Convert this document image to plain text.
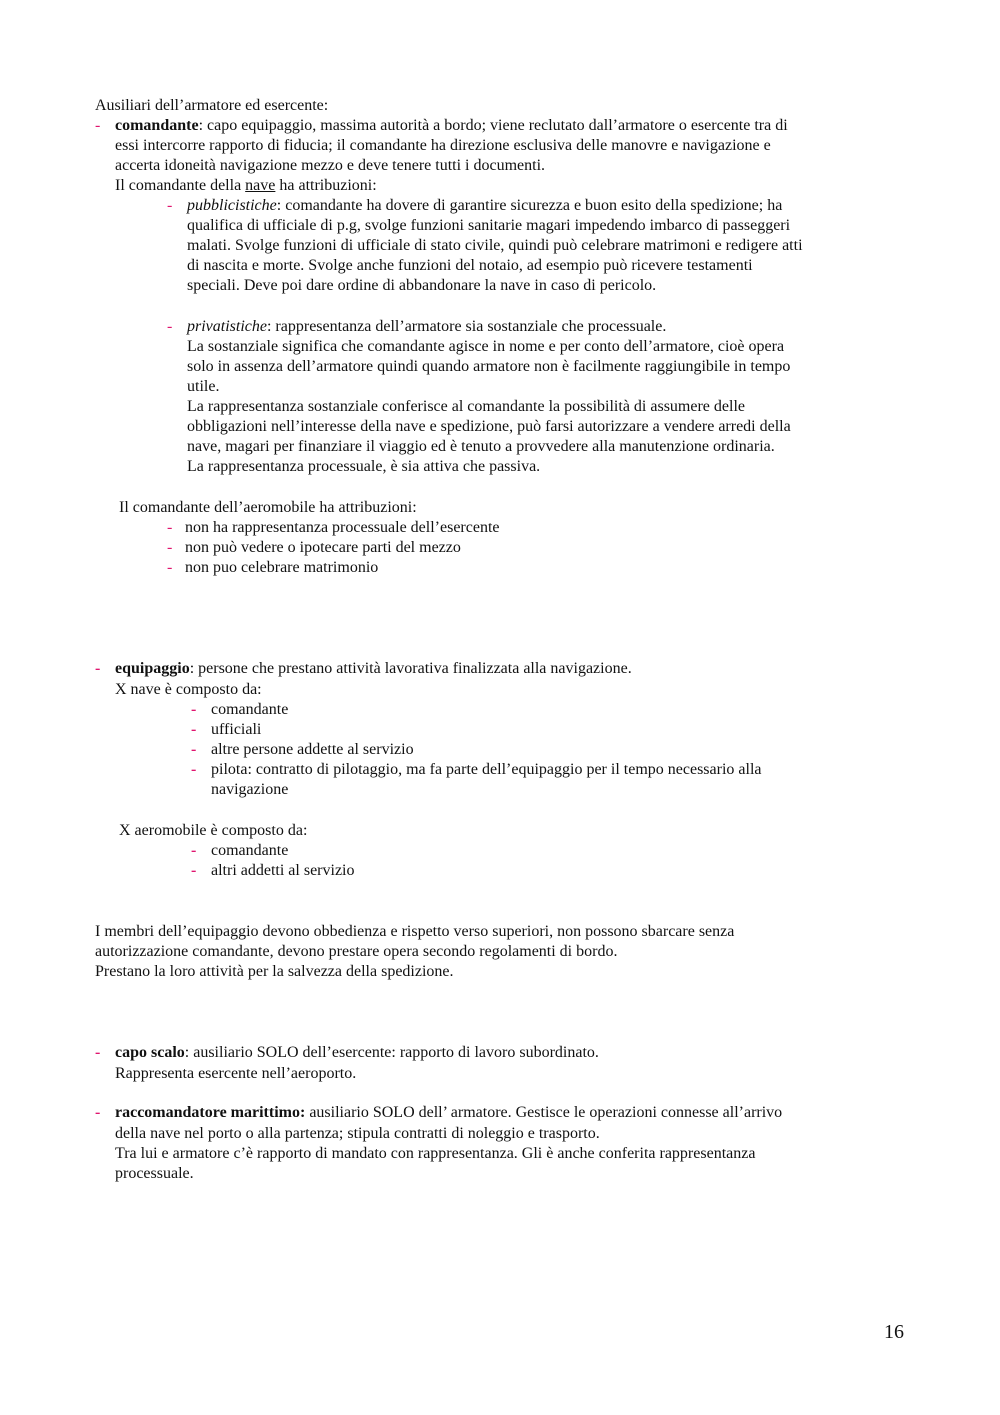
Ausiliari dell’armatore ed esercente:
- comandante: capo equipaggio, massima autorità a bordo; viene reclutato dall’armatore o esercente tra di
essi intercorre rapporto di fiducia; il comandante ha direzione esclusiva delle manovre e navigazione e
accerta idoneità navigazione mezzo e deve tenere tutti i documenti.
Il comandante della nave ha attribuzioni:
- pubblicistiche: comandante ha dovere di garantire sicurezza e buon esito della spedizione; ha
qualifica di ufficiale di p.g, svolge funzioni sanitarie magari impedendo imbarco di passeggeri
malati. Svolge funzioni di ufficiale di stato civile, quindi può celebrare matrimoni e redigere atti
di nascita e morte. Svolge anche funzioni del notaio, ad esempio può ricevere testamenti
speciali. Deve poi dare ordine di abbandonare la nave in caso di pericolo.
- privatistiche: rappresentanza dell’armatore sia sostanziale che processuale.
La sostanziale significa che comandante agisce in nome e per conto dell’armatore, cioè opera
solo in assenza dell’armatore quindi quando armatore non è facilmente raggiungibile in tempo
utile.
La rappresentanza sostanziale conferisce al comandante la possibilità di assumere delle
obbligazioni nell’interesse della nave e spedizione, può farsi autorizzare a vendere arredi della
nave, magari per finanziare il viaggio ed è tenuto a provvedere alla manutenzione ordinaria.
La rappresentanza processuale, è sia attiva che passiva.
Il comandante dell’aeromobile ha attribuzioni:
- non ha rappresentanza processuale dell’esercente
- non può vedere o ipotecare parti del mezzo
- non puo celebrare matrimonio
- equipaggio: persone che prestano attività lavorativa finalizzata alla navigazione.
X nave è composto da:
- comandante
- ufficiali
- altre persone addette al servizio
- pilota: contratto di pilotaggio, ma fa parte dell’equipaggio per il tempo necessario alla
navigazione
X aeromobile è composto da:
- comandante
- altri addetti al servizio
I membri dell’equipaggio devono obbedienza e rispetto verso superiori, non possono sbarcare senza
autorizzazione comandante, devono prestare opera secondo regolamenti di bordo.
Prestano la loro attività per la salvezza della spedizione.
- capo scalo: ausiliario SOLO dell’esercente: rapporto di lavoro subordinato.
Rappresenta esercente nell’aeroporto.
- raccomandatore marittimo: ausiliario SOLO dell’ armatore. Gestisce le operazioni connesse all’arrivo
della nave nel porto o alla partenza; stipula contratti di noleggio e trasporto.
Tra lui e armatore c’è rapporto di mandato con rappresentanza. Gli è anche conferita rappresentanza
processuale.
16
